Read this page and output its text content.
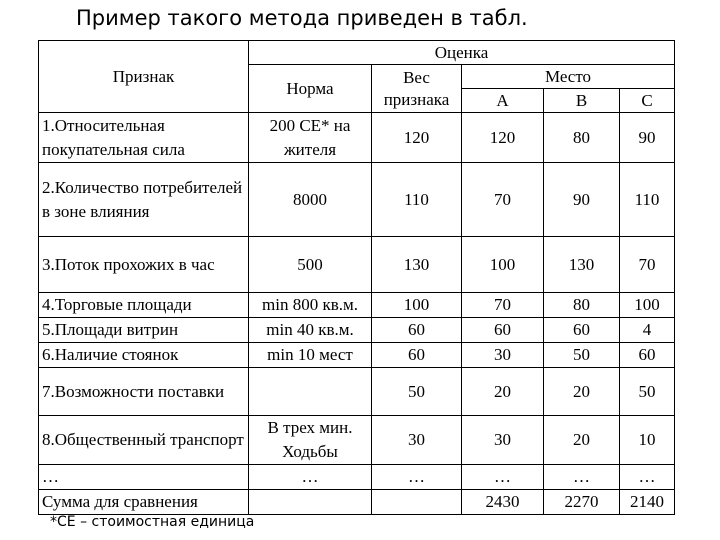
Пример такого метода приведен в табл.
Признак	Оценка				
	Норма	Вес признака	Место		
			А	В	С
1.Относительная покупательная сила	200 СЕ* на жителя	120	120	80	90
2.Количество потребителей в зоне влияния	8000	110	70	90	110
3.Поток прохожих в час	500	130	100	130	70
4.Торговые площади	min 800 кв.м.	100	70	80	100
5.Площади витрин	min 40 кв.м.	60	60	60	4
6.Наличие стоянок	min 10 мест	60	30	50	60
7.Возможности поставки		50	20	20	50
8.Общественный транспорт	В трех мин. Ходьбы	30	30	20	10
…	…	…	…	…	…
Сумма для сравнения			2430	2270	2140
*СЕ – стоимостная единица
